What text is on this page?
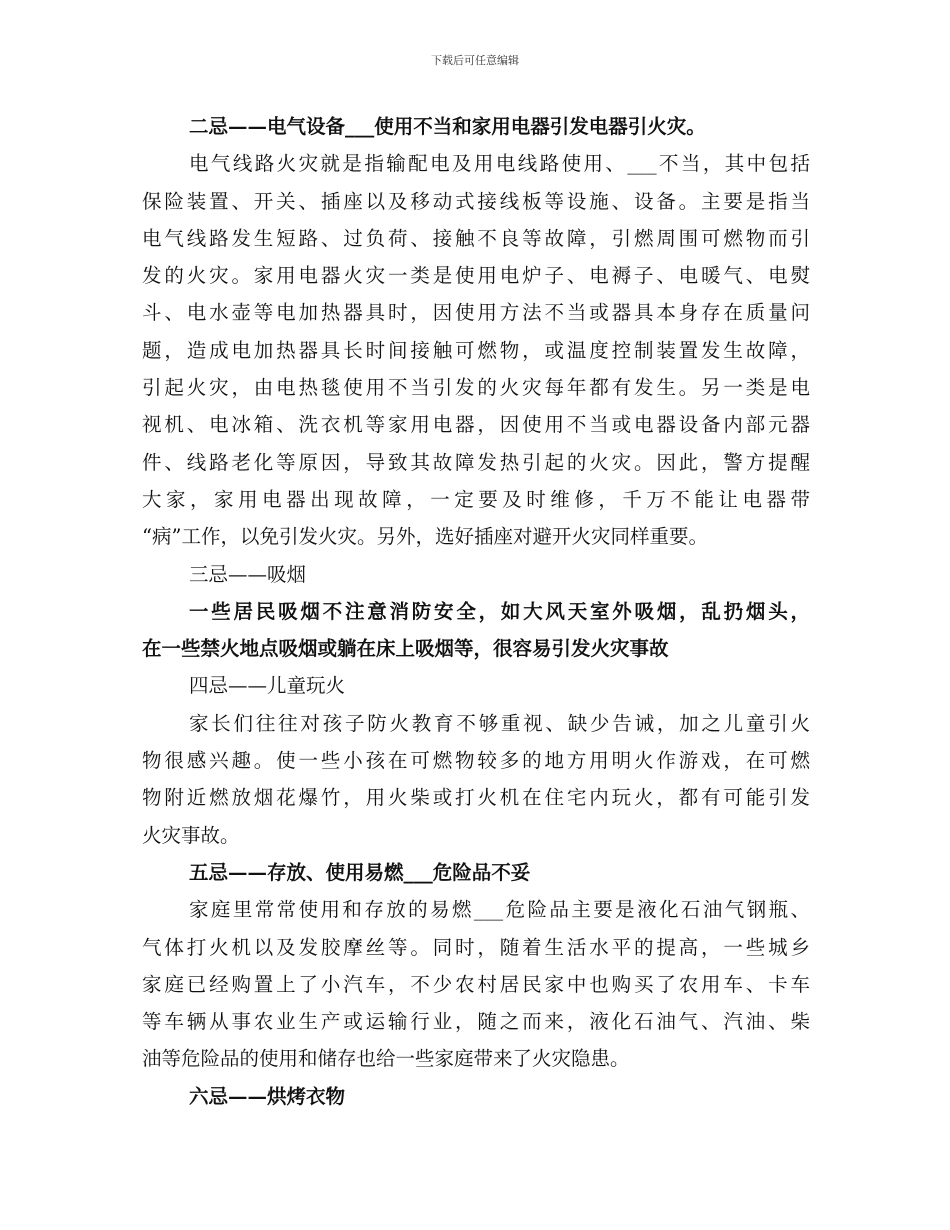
下载后可任意编辑
二忌——电气设备___使用不当和家用电器引发电器引火灾。
电气线路火灾就是指输配电及用电线路使用、___不当，其中包括
保险装置、开关、插座以及移动式接线板等设施、设备。主要是指当
电气线路发生短路、过负荷、接触不良等故障，引燃周围可燃物而引
发的火灾。家用电器火灾一类是使用电炉子、电褥子、电暖气、电熨
斗、电水壶等电加热器具时，因使用方法不当或器具本身存在质量问
题，造成电加热器具长时间接触可燃物，或温度控制装置发生故障，
引起火灾，由电热毯使用不当引发的火灾每年都有发生。另一类是电
视机、电冰箱、洗衣机等家用电器，因使用不当或电器设备内部元器
件、线路老化等原因，导致其故障发热引起的火灾。因此，警方提醒
大家，家用电器出现故障，一定要及时维修，千万不能让电器带
“病”工作，以免引发火灾。另外，选好插座对避开火灾同样重要。
三忌——吸烟
一些居民吸烟不注意消防安全，如大风天室外吸烟，乱扔烟头，
在一些禁火地点吸烟或躺在床上吸烟等，很容易引发火灾事故
四忌——儿童玩火
家长们往往对孩子防火教育不够重视、缺少告诫，加之儿童引火
物很感兴趣。使一些小孩在可燃物较多的地方用明火作游戏，在可燃
物附近燃放烟花爆竹，用火柴或打火机在住宅内玩火，都有可能引发
火灾事故。
五忌——存放、使用易燃___危险品不妥
家庭里常常使用和存放的易燃___危险品主要是液化石油气钢瓶、
气体打火机以及发胶摩丝等。同时，随着生活水平的提高，一些城乡
家庭已经购置上了小汽车，不少农村居民家中也购买了农用车、卡车
等车辆从事农业生产或运输行业，随之而来，液化石油气、汽油、柴
油等危险品的使用和储存也给一些家庭带来了火灾隐患。
六忌——烘烤衣物
